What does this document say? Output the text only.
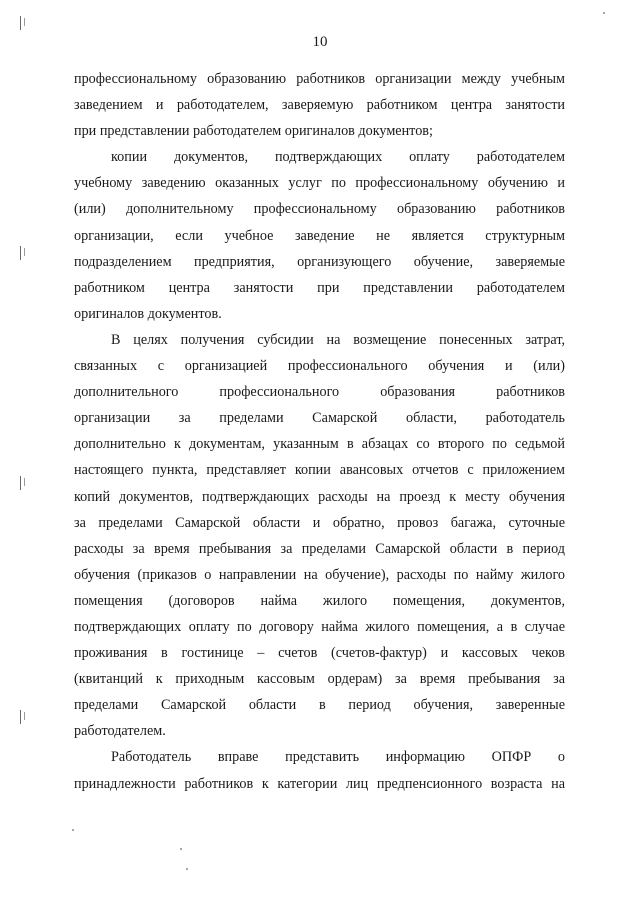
10

профессиональному образованию работников организации между учебным

заведением и работодателем, заверяемую работником центра занятости

при представлении работодателем оригиналов документов;

копии документов, подтверждающих оплату работодателем

учебному заведению оказанных услуг по профессиональному обучению и

(или) дополнительному профессиональному образованию работников

организации, если учебное заведение не является структурным

подразделением предприятия, организующего обучение, заверяемые

работником центра занятости при представлении работодателем

оригиналов документов.

В целях получения субсидии на возмещение понесенных затрат,

связанных с организацией профессионального обучения и (или)

дополнительного профессионального образования работников

организации за пределами Самарской области, работодатель

дополнительно к документам, указанным в абзацах со второго по седьмой

настоящего пункта, представляет копии авансовых отчетов с приложением

копий документов, подтверждающих расходы на проезд к месту обучения

за пределами Самарской области и обратно, провоз багажа, суточные

расходы за время пребывания за пределами Самарской области в период

обучения (приказов о направлении на обучение), расходы по найму жилого

помещения (договоров найма жилого помещения, документов,

подтверждающих оплату по договору найма жилого помещения, а в случае

проживания в гостинице – счетов (счетов-фактур) и кассовых чеков

(квитанций к приходным кассовым ордерам) за время пребывания за

пределами Самарской области в период обучения, заверенные

работодателем.

Работодатель вправе представить информацию ОПФР о

принадлежности работников к категории лиц предпенсионного возраста на
